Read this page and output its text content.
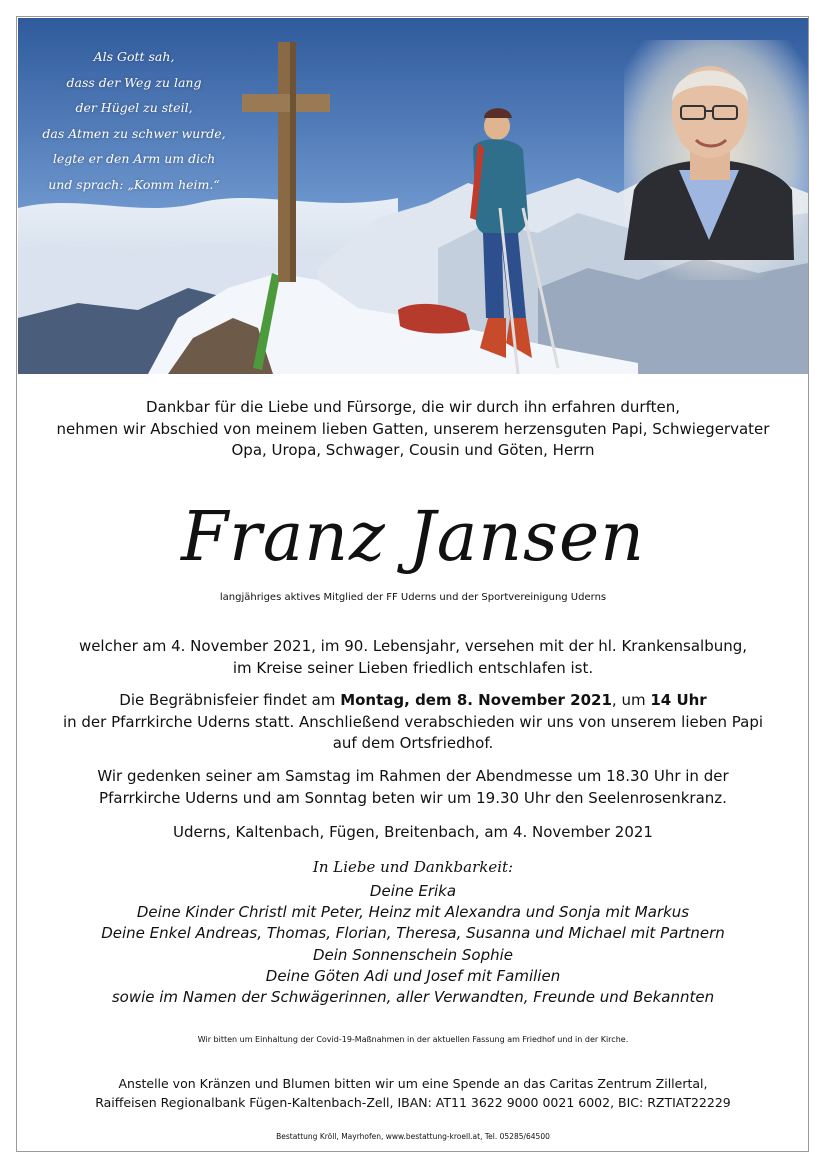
Als Gott sah,
dass der Weg zu lang
der Hügel zu steil,
das Atmen zu schwer wurde,
legte er den Arm um dich
und sprach: „Komm heim.“
Dankbar für die Liebe und Fürsorge, die wir durch ihn erfahren durften,
nehmen wir Abschied von meinem lieben Gatten, unserem herzensguten Papi, Schwiegervater
Opa, Uropa, Schwager, Cousin und Göten, Herrn
Franz Jansen
langjähriges aktives Mitglied der FF Uderns und der Sportvereinigung Uderns
welcher am 4. November 2021, im 90. Lebensjahr, versehen mit der hl. Krankensalbung,
im Kreise seiner Lieben friedlich entschlafen ist.
Die Begräbnisfeier findet am Montag, dem 8. November 2021, um 14 Uhr
in der Pfarrkirche Uderns statt. Anschließend verabschieden wir uns von unserem lieben Papi
auf dem Ortsfriedhof.
Wir gedenken seiner am Samstag im Rahmen der Abendmesse um 18.30 Uhr in der
Pfarrkirche Uderns und am Sonntag beten wir um 19.30 Uhr den Seelenrosenkranz.
Uderns, Kaltenbach, Fügen, Breitenbach, am 4. November 2021
In Liebe und Dankbarkeit:
Deine Erika
Deine Kinder Christl mit Peter, Heinz mit Alexandra und Sonja mit Markus
Deine Enkel Andreas, Thomas, Florian, Theresa, Susanna und Michael mit Partnern
Dein Sonnenschein Sophie
Deine Göten Adi und Josef mit Familien
sowie im Namen der Schwägerinnen, aller Verwandten, Freunde und Bekannten
Wir bitten um Einhaltung der Covid-19-Maßnahmen in der aktuellen Fassung am Friedhof und in der Kirche.
Anstelle von Kränzen und Blumen bitten wir um eine Spende an das Caritas Zentrum Zillertal,
Raiffeisen Regionalbank Fügen-Kaltenbach-Zell, IBAN: AT11 3622 9000 0021 6002, BIC: RZTIAT22229
Bestattung Kröll, Mayrhofen, www.bestattung-kroell.at, Tel. 05285/64500
